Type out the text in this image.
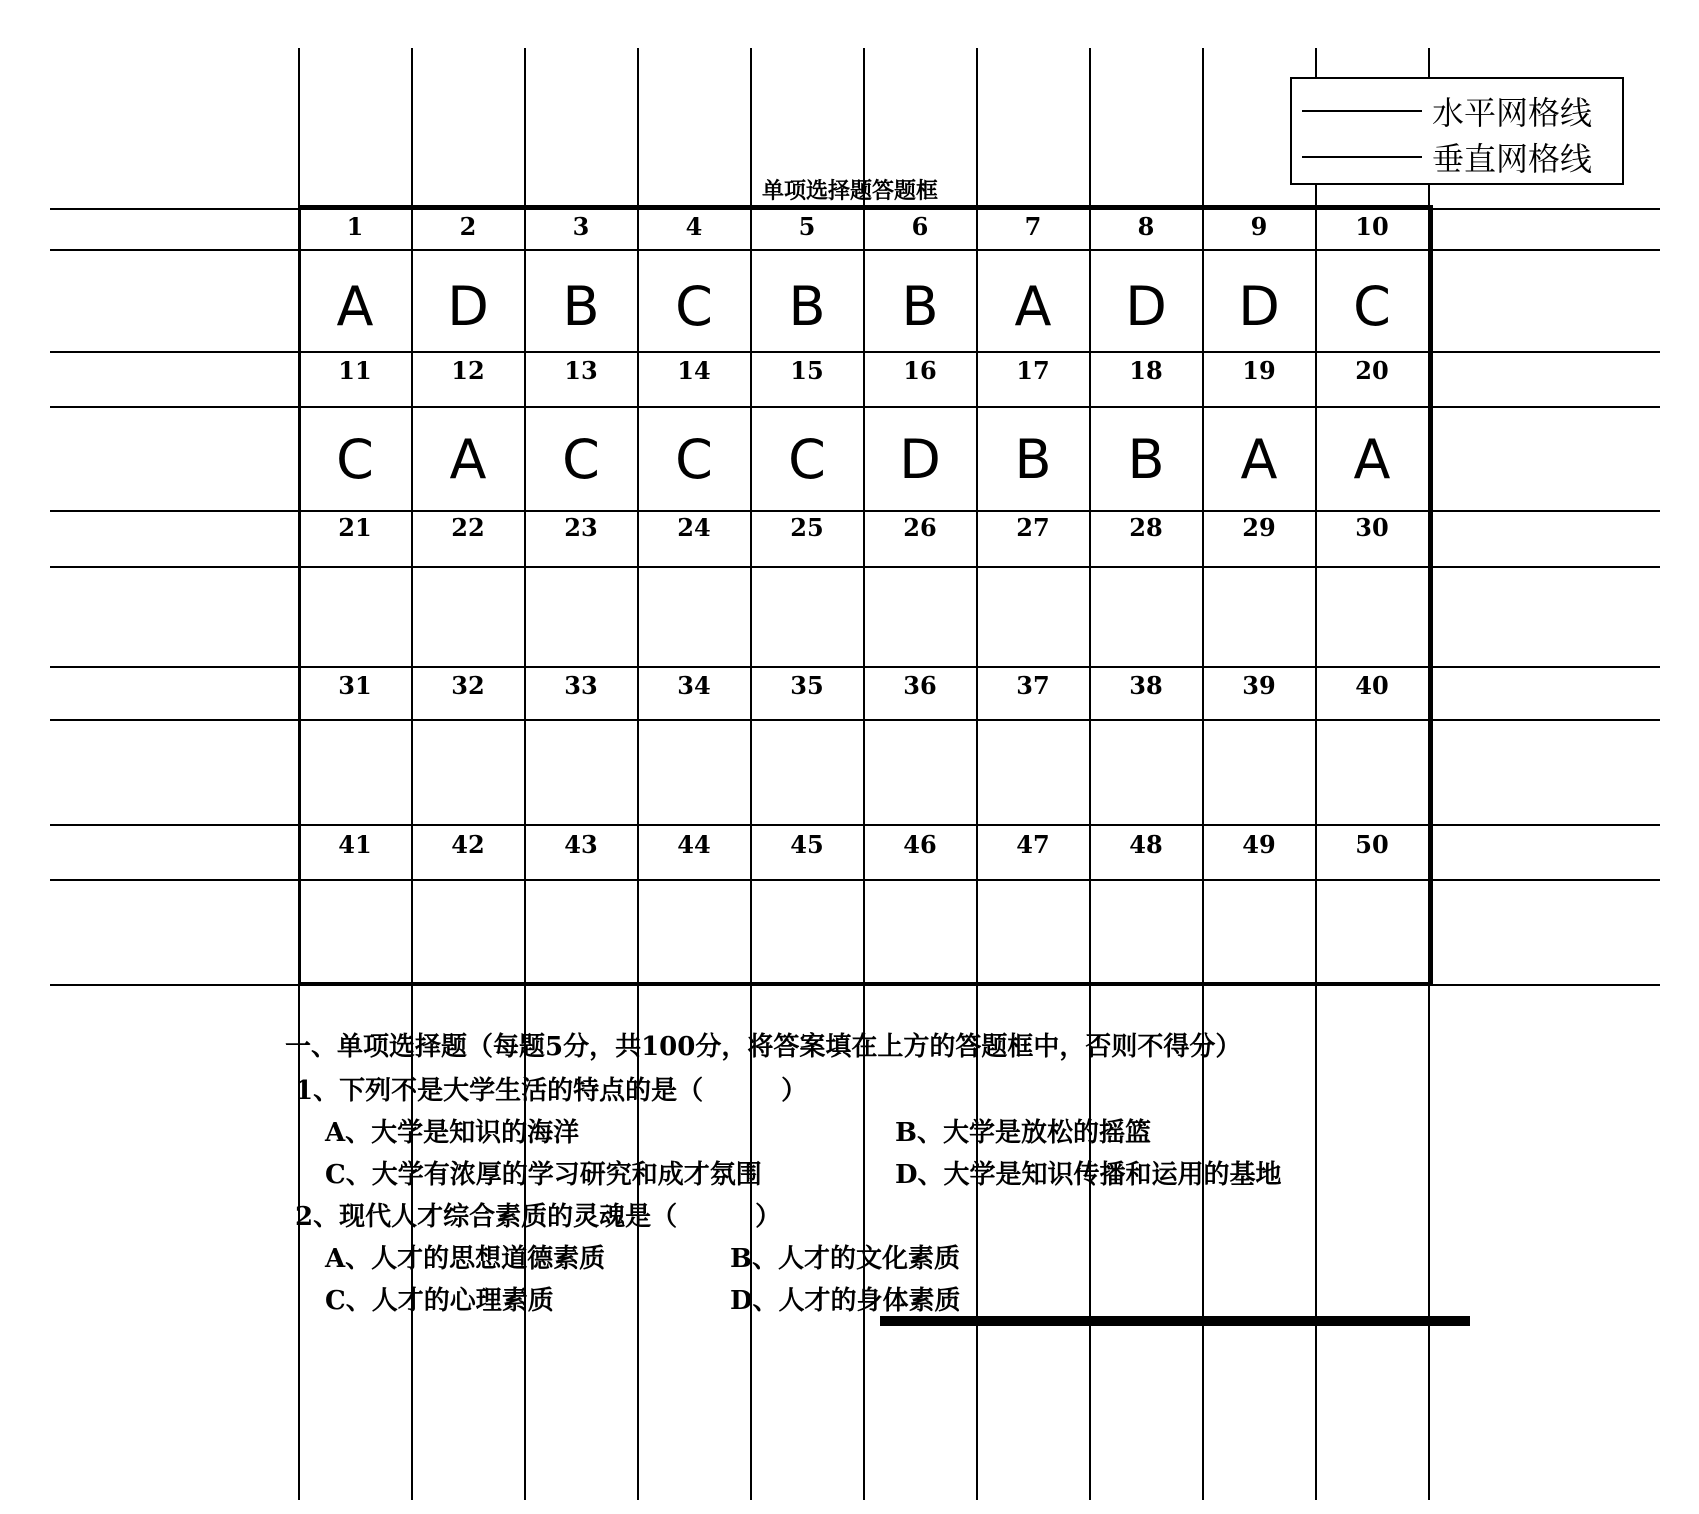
单项选择题答题框
1	2	3	4	5	6	7	8	9	10
A	D	B	C	B	B	A	D	D	C
11	12	13	14	15	16	17	18	19	20
C	A	C	C	C	D	B	B	A	A
21	22	23	24	25	26	27	28	29	30
31	32	33	34	35	36	37	38	39	40
41	42	43	44	45	46	47	48	49	50
水平网格线
垂直网格线
一、单项选择题（每题5分，共100分，将答案填在上方的答题框中，否则不得分）
1、下列不是大学生活的特点的是（　　　）
A、大学是知识的海洋	B、大学是放松的摇篮
C、大学有浓厚的学习研究和成才氛围	D、大学是知识传播和运用的基地
2、现代人才综合素质的灵魂是（　　　）
A、人才的思想道德素质	B、人才的文化素质
C、人才的心理素质	D、人才的身体素质
